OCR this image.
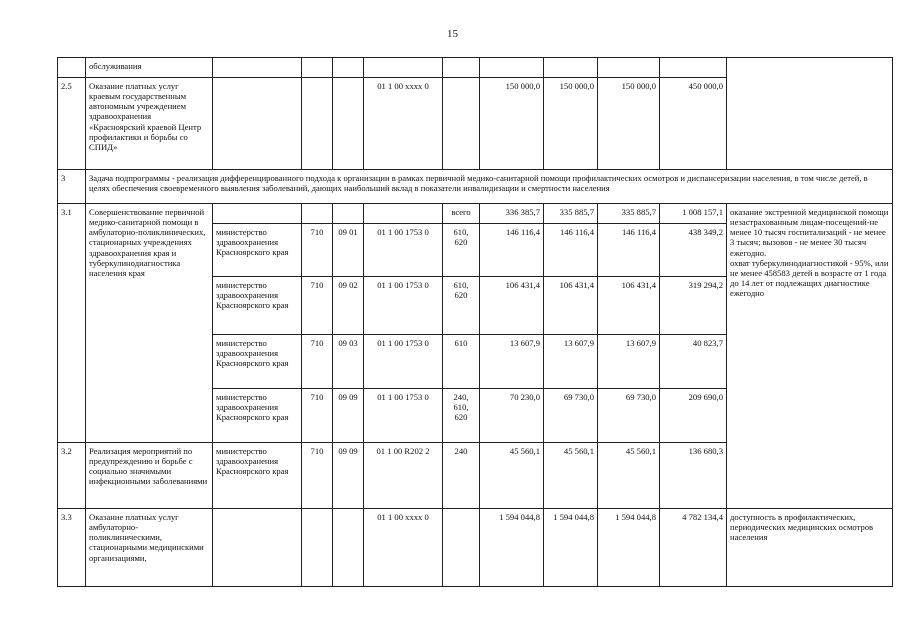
15
	обслуживания										
2.5	Оказание платных услуг краевым государственным автономным учреждением здравоохранения «Красноярский краевой Центр профилактики и борьбы со СПИД»				01 1 00 хххх 0		150 000,0	150 000,0	150 000,0	450 000,0	
3	Задача подпрограммы - реализация дифференцированного подхода к организации в рамках первичной медико-санитарной помощи профилактических осмотров и диспансеризации населения, в том числе детей, в целях обеспечения своевременного выявления заболеваний, дающих наибольший вклад в показатели инвалидизации и смертности населения										
3.1	Совершенствование первичной медико-санитарной помощи в амбулаторно-поликлинических, стационарных учреждениях здравоохранения края и туберкулинодиагностика населения края					всего	336 385,7	335 885,7	335 885,7	1 008 157,1	оказание экстренной медицинской помощи незастрахованным лицам-посещений-не менее 10 тысяч госпитализаций - не менее 3 тысяч; вызовов - не менее 30 тысяч ежегодно.
охват туберкулинодиагностикой - 95%, или не менее 458583 детей в возрасте от 1 года до 14 лет от подлежащих диагностике ежегодно
		министерство здравоохранения Красноярского края	710	09 01	01 1 00 1753 0	610, 620	146 116,4	146 116,4	146 116,4	438 349,2	
		министерство здравоохранения Красноярского края	710	09 02	01 1 00 1753 0	610, 620	106 431,4	106 431,4	106 431,4	319 294,2	
		министерство здравоохранения Красноярского края	710	09 03	01 1 00 1753 0	610	13 607,9	13 607,9	13 607,9	40 823,7	
		министерство здравоохранения Красноярского края	710	09 09	01 1 00 1753 0	240, 610, 620	70 230,0	69 730,0	69 730,0	209 690,0	
3.2	Реализация мероприятий по предупреждению и борьбе с социально значимыми инфекционными заболеваниями	министерство здравоохранения Красноярского края	710	09 09	01 1 00 R202 2	240	45 560,1	45 560,1	45 560,1	136 680,3	
3.3	Оказание платных услуг амбулаторно-поликлиническими, стационарными медицинскими организациями,				01 1 00 хххх 0		1 594 044,8	1 594 044,8	1 594 044,8	4 782 134,4	доступность в профилактических, периодических медицинских осмотров населения
